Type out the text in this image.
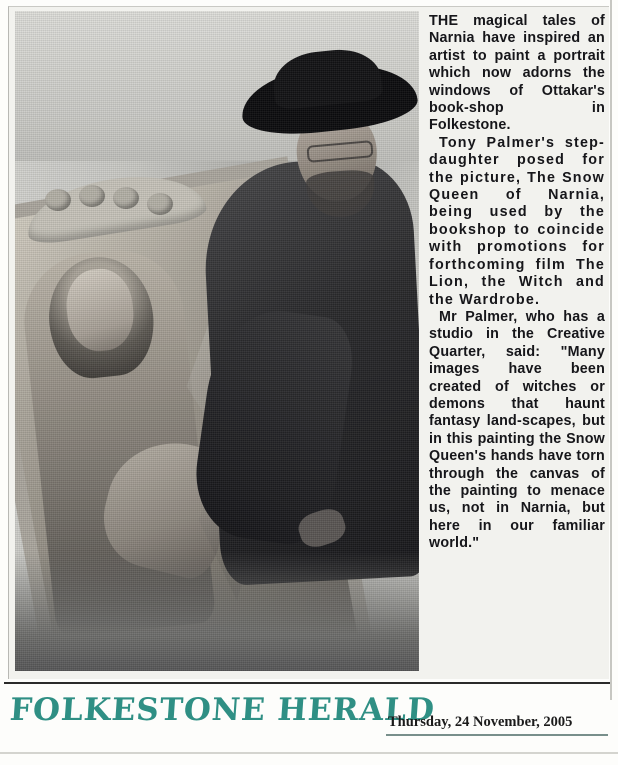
THE magical tales of Narnia have inspired an artist to paint a portrait which now adorns the windows of Ottakar's book-shop in Folkestone.

Tony Palmer's step-daughter posed for the picture, The Snow Queen of Narnia, being used by the bookshop to coincide with promotions for forthcoming film The Lion, the Witch and the Wardrobe.

Mr Palmer, who has a studio in the Creative Quarter, said: "Many images have been created of witches or demons that haunt fantasy land-scapes, but in this painting the Snow Queen's hands have torn through the canvas of the painting to menace us, not in Narnia, but here in our familiar world."

FOLKESTONE HERALD
Thursday, 24 November, 2005
